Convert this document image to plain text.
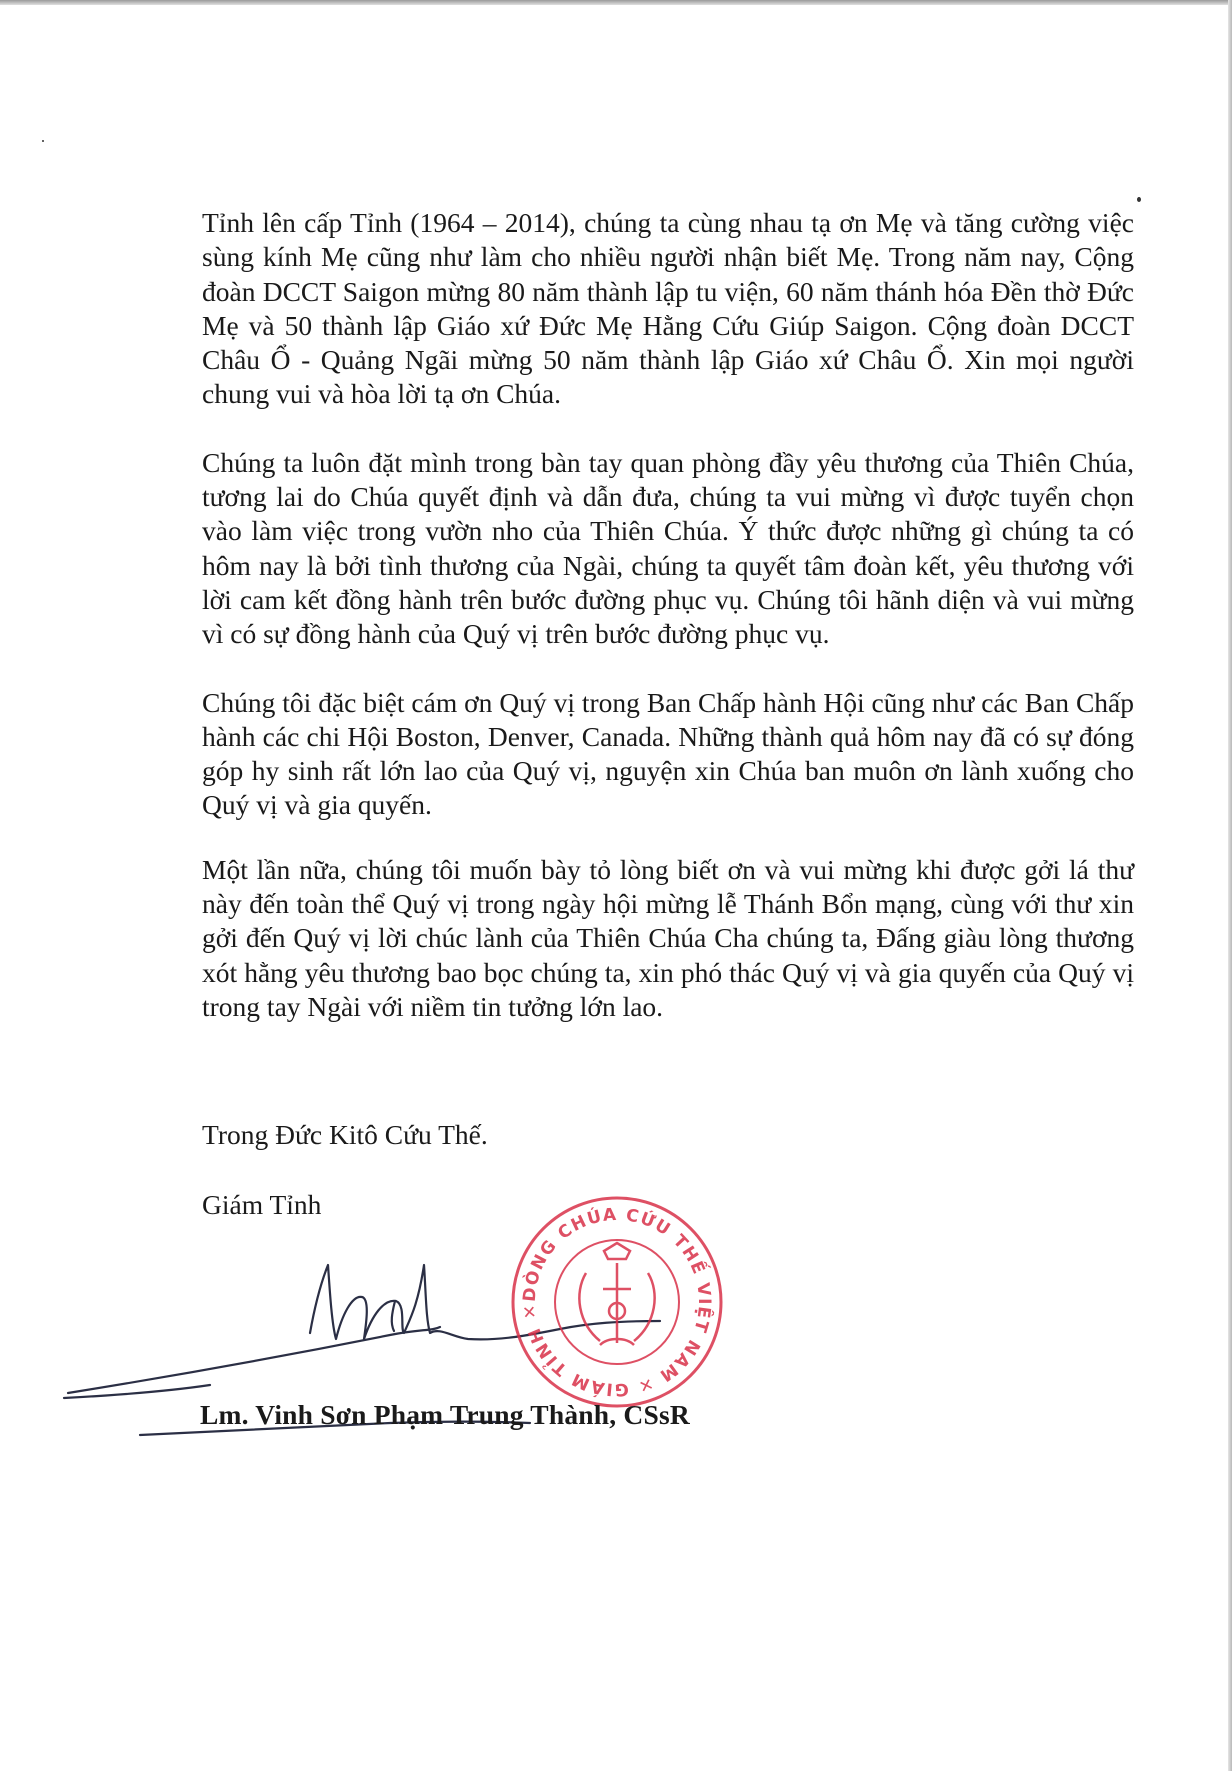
Tỉnh lên cấp Tỉnh (1964 – 2014), chúng ta cùng nhau tạ ơn Mẹ và tăng cường việc sùng kính Mẹ cũng như làm cho nhiều người nhận biết Mẹ. Trong năm nay, Cộng đoàn DCCT Saigon mừng 80 năm thành lập tu viện, 60 năm thánh hóa Đền thờ Đức Mẹ và 50 thành lập Giáo xứ Đức Mẹ Hằng Cứu Giúp Saigon. Cộng đoàn DCCT Châu Ổ - Quảng Ngãi mừng 50 năm thành lập Giáo xứ Châu Ổ. Xin mọi người chung vui và hòa lời tạ ơn Chúa.

Chúng ta luôn đặt mình trong bàn tay quan phòng đầy yêu thương của Thiên Chúa, tương lai do Chúa quyết định và dẫn đưa, chúng ta vui mừng vì được tuyển chọn vào làm việc trong vườn nho của Thiên Chúa. Ý thức được những gì chúng ta có hôm nay là bởi tình thương của Ngài, chúng ta quyết tâm đoàn kết, yêu thương với lời cam kết đồng hành trên bước đường phục vụ. Chúng tôi hãnh diện và vui mừng vì có sự đồng hành của Quý vị trên bước đường phục vụ.

Chúng tôi đặc biệt cám ơn Quý vị trong Ban Chấp hành Hội cũng như các Ban Chấp hành các chi Hội Boston, Denver, Canada. Những thành quả hôm nay đã có sự đóng góp hy sinh rất lớn lao của Quý vị, nguyện xin Chúa ban muôn ơn lành xuống cho Quý vị và gia quyến.

Một lần nữa, chúng tôi muốn bày tỏ lòng biết ơn và vui mừng khi được gởi lá thư này đến toàn thể Quý vị trong ngày hội mừng lễ Thánh Bổn mạng, cùng với thư xin gởi đến Quý vị lời chúc lành của Thiên Chúa Cha chúng ta, Đấng giàu lòng thương xót hằng yêu thương bao bọc chúng ta, xin phó thác Quý vị và gia quyến của Quý vị trong tay Ngài với niềm tin tưởng lớn lao.

Trong Đức Kitô Cứu Thế.
Giám Tỉnh
DÒNG CHÚA CỨU THẾ VIỆT NAM ✕ GIÁM TỈNH ✕
Lm. Vinh Sơn Phạm Trung Thành, CSsR
